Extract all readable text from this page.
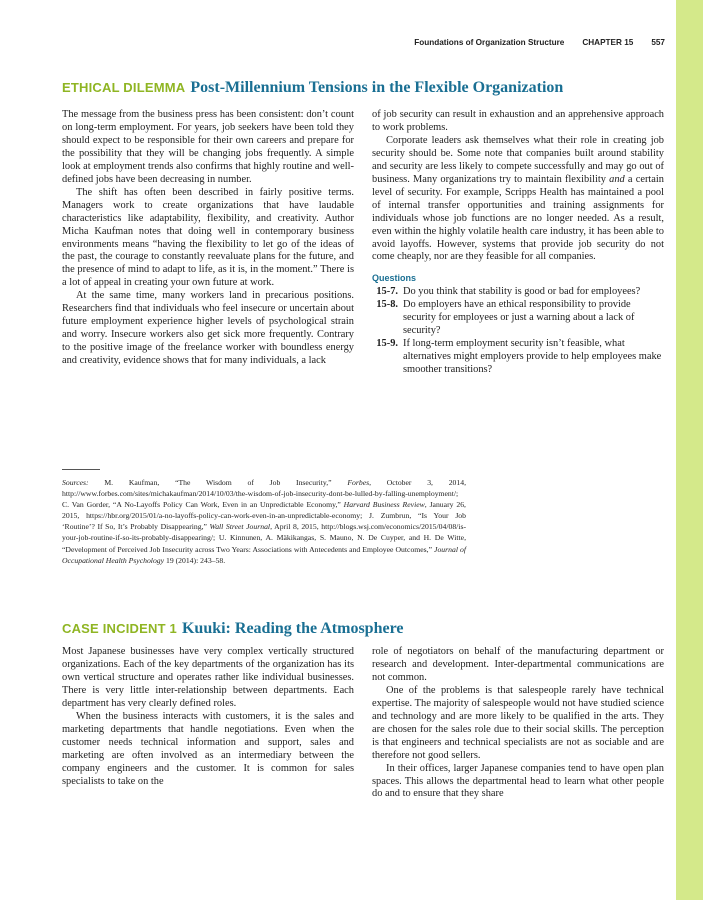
Foundations of Organization Structure CHAPTER 15 557
ETHICAL DILEMMA Post-Millennium Tensions in the Flexible Organization

The message from the business press has been consistent: don’t count on long-term employment. For years, job seekers have been told they should expect to be responsible for their own careers and prepare for the possibility that they will be changing jobs frequently. A simple look at employment trends also confirms that highly routine and well-defined jobs have been decreasing in number.

The shift has often been described in fairly positive terms. Managers work to create organizations that have laudable characteristics like adaptability, flexibility, and creativity. Author Micha Kaufman notes that doing well in contemporary business environments means “having the flexibility to let go of the ideas of the past, the courage to constantly reevaluate plans for the future, and the presence of mind to adapt to life, as it is, in the moment.” There is a lot of appeal in creating your own future at work.

At the same time, many workers land in precarious positions. Researchers find that individuals who feel insecure or uncertain about future employment experience higher levels of psychological strain and worry. Insecure workers also get sick more frequently. Contrary to the positive image of the freelance worker with boundless energy and creativity, evidence shows that for many individuals, a lack

of job security can result in exhaustion and an apprehensive approach to work problems.

Corporate leaders ask themselves what their role in creating job security should be. Some note that companies built around stability and security are less likely to compete successfully and may go out of business. Many organizations try to maintain flexibility and a certain level of security. For example, Scripps Health has maintained a pool of internal transfer opportunities and training assignments for individuals whose job functions are no longer needed. As a result, even within the highly volatile health care industry, it has been able to avoid layoffs. However, systems that provide job security do not come cheaply, nor are they feasible for all companies.

Questions
15-7. Do you think that stability is good or bad for employees?
15-8. Do employers have an ethical responsibility to provide security for employees or just a warning about a lack of security?
15-9. If long-term employment security isn’t feasible, what alternatives might employers provide to help employees make smoother transitions?
Sources: M. Kaufman, “The Wisdom of Job Insecurity,” Forbes, October 3, 2014, http://www.forbes.com/sites/michakaufman/2014/10/03/the-wisdom-of-job-insecurity-dont-be-lulled-by-falling-unemployment/; C. Van Gorder, “A No-Layoffs Policy Can Work, Even in an Unpredictable Economy,” Harvard Business Review, January 26, 2015, https://hbr.org/2015/01/a-no-layoffs-policy-can-work-even-in-an-unpredictable-economy; J. Zumbrun, “Is Your Job ‘Routine’? If So, It’s Probably Disappearing,” Wall Street Journal, April 8, 2015, http://blogs.wsj.com/economics/2015/04/08/is-your-job-routine-if-so-its-probably-disappearing/; U. Kinnunen, A. Mäkikangas, S. Mauno, N. De Cuyper, and H. De Witte, “Development of Perceived Job Insecurity across Two Years: Associations with Antecedents and Employee Outcomes,” Journal of Occupational Health Psychology 19 (2014): 243–58.
CASE INCIDENT 1 Kuuki: Reading the Atmosphere

Most Japanese businesses have very complex vertically structured organizations. Each of the key departments of the organization has its own vertical structure and operates rather like individual businesses. There is very little inter-relationship between departments. Each department has very clearly defined roles.

When the business interacts with customers, it is the sales and marketing departments that handle negotiations. Even when the customer needs technical information and support, sales and marketing are often involved as an intermediary between the company engineers and the customer. It is common for sales specialists to take on the

role of negotiators on behalf of the manufacturing department or research and development. Inter-departmental communications are not common.

One of the problems is that salespeople rarely have technical expertise. The majority of salespeople would not have studied science and technology and are more likely to be qualified in the arts. They are chosen for the sales role due to their social skills. The perception is that engineers and technical specialists are not as sociable and are therefore not good sellers.

In their offices, larger Japanese companies tend to have open plan spaces. This allows the departmental head to learn what other people do and to ensure that they share
